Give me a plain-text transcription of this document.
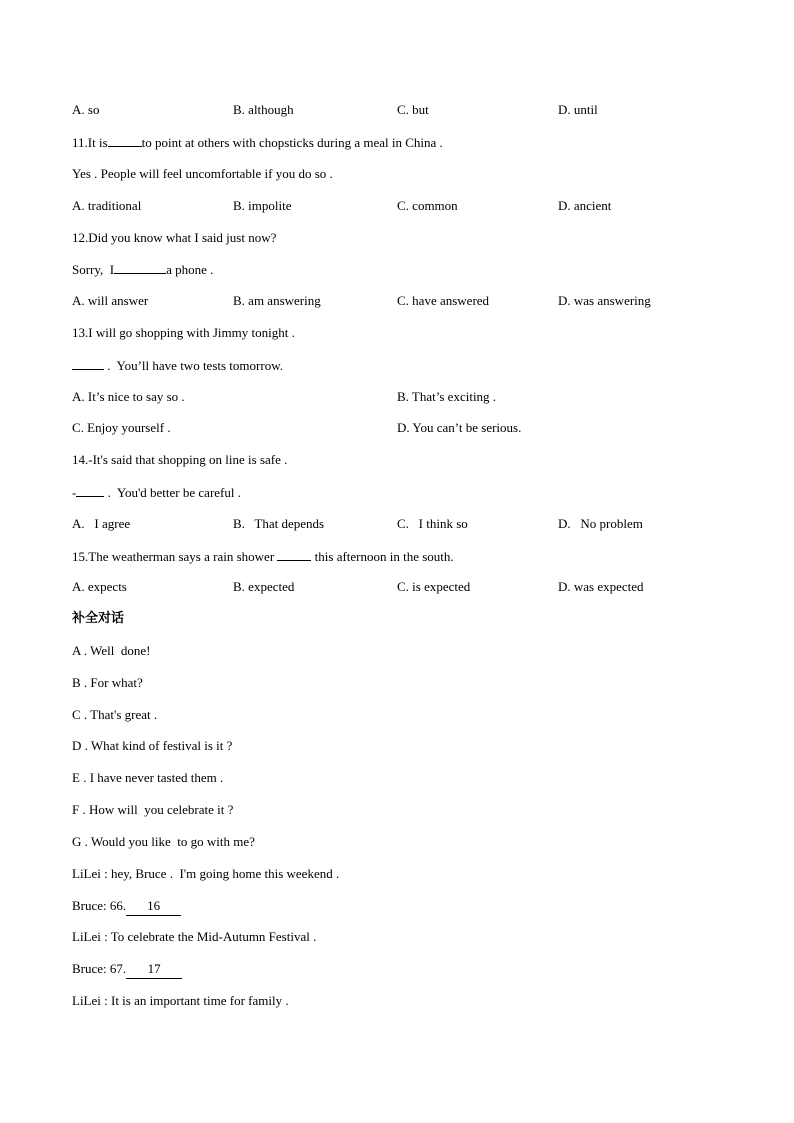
A. so	B. although	C. but	D. until
11.It is	to point at others with chopsticks during a meal in China .
Yes . People will feel uncomfortable if you do so .
A. traditional	B. impolite	C. common	D. ancient
12.Did you know what I said just now?
Sorry,  I	a phone .
A. will answer	B. am answering	C. have answered	D. was answering
13.I will go shopping with Jimmy tonight .
.  You’ll have two tests tomorrow.
A. It’s nice to say so .	B. That’s exciting .
C. Enjoy yourself .	D. You can’t be serious.
14.-It's said that shopping on line is safe .
- .  You'd better be careful .
A.   I agree	B.   That depends	C.   I think so	D.   No problem
15.The weatherman says a rain shower	this afternoon in the south.
A. expects	B. expected	C. is expected	D. was expected
补全对话
A . Well  done!
B . For what?
C . That's great .
D . What kind of festival is it ?
E . I have never tasted them .
F . How will  you celebrate it ?
G . Would you like  to go with me?
LiLei : hey, Bruce .  I'm going home this weekend .
Bruce: 66. 16
LiLei : To celebrate the Mid-Autumn Festival .
Bruce: 67. 17
LiLei : It is an important time for family .
